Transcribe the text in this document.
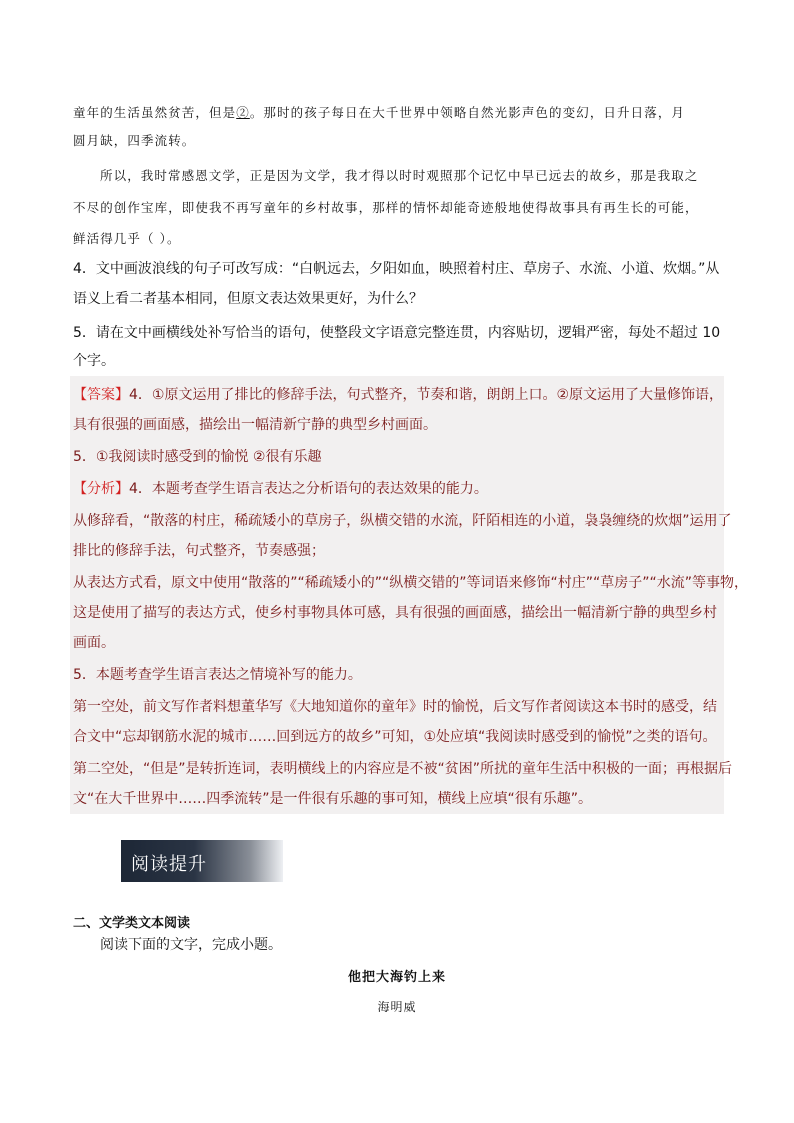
童年的生活虽然贫苦，但是②。那时的孩子每日在大千世界中领略自然光影声色的变幻，日升日落，月
圆月缺，四季流转。
所以，我时常感恩文学，正是因为文学，我才得以时时观照那个记忆中早已远去的故乡，那是我取之
不尽的创作宝库，即使我不再写童年的乡村故事，那样的情怀却能奇迹般地使得故事具有再生长的可能，
鲜活得几乎（ ）。
4．文中画波浪线的句子可改写成：“白帆远去，夕阳如血，映照着村庄、草房子、水流、小道、炊烟。”从
语义上看二者基本相同，但原文表达效果更好，为什么？
5．请在文中画横线处补写恰当的语句，使整段文字语意完整连贯，内容贴切，逻辑严密，每处不超过 10
个字。
【答案】4．①原文运用了排比的修辞手法，句式整齐，节奏和谐，朗朗上口。②原文运用了大量修饰语，
具有很强的画面感，描绘出一幅清新宁静的典型乡村画面。
5．①我阅读时感受到的愉悦 ②很有乐趣
【分析】4．本题考查学生语言表达之分析语句的表达效果的能力。
从修辞看，“散落的村庄，稀疏矮小的草房子，纵横交错的水流，阡陌相连的小道，袅袅缠绕的炊烟”运用了
排比的修辞手法，句式整齐，节奏感强；
从表达方式看，原文中使用“散落的”“稀疏矮小的”“纵横交错的”等词语来修饰“村庄”“草房子”“水流”等事物，
这是使用了描写的表达方式，使乡村事物具体可感，具有很强的画面感，描绘出一幅清新宁静的典型乡村
画面。
5．本题考查学生语言表达之情境补写的能力。
第一空处，前文写作者料想董华写《大地知道你的童年》时的愉悦，后文写作者阅读这本书时的感受，结
合文中“忘却钢筋水泥的城市……回到远方的故乡”可知，①处应填“我阅读时感受到的愉悦”之类的语句。
第二空处，“但是”是转折连词，表明横线上的内容应是不被“贫困”所扰的童年生活中积极的一面；再根据后
文“在大千世界中……四季流转”是一件很有乐趣的事可知，横线上应填“很有乐趣”。
阅读提升
二、文学类文本阅读
阅读下面的文字，完成小题。
他把大海钓上来
海明威
